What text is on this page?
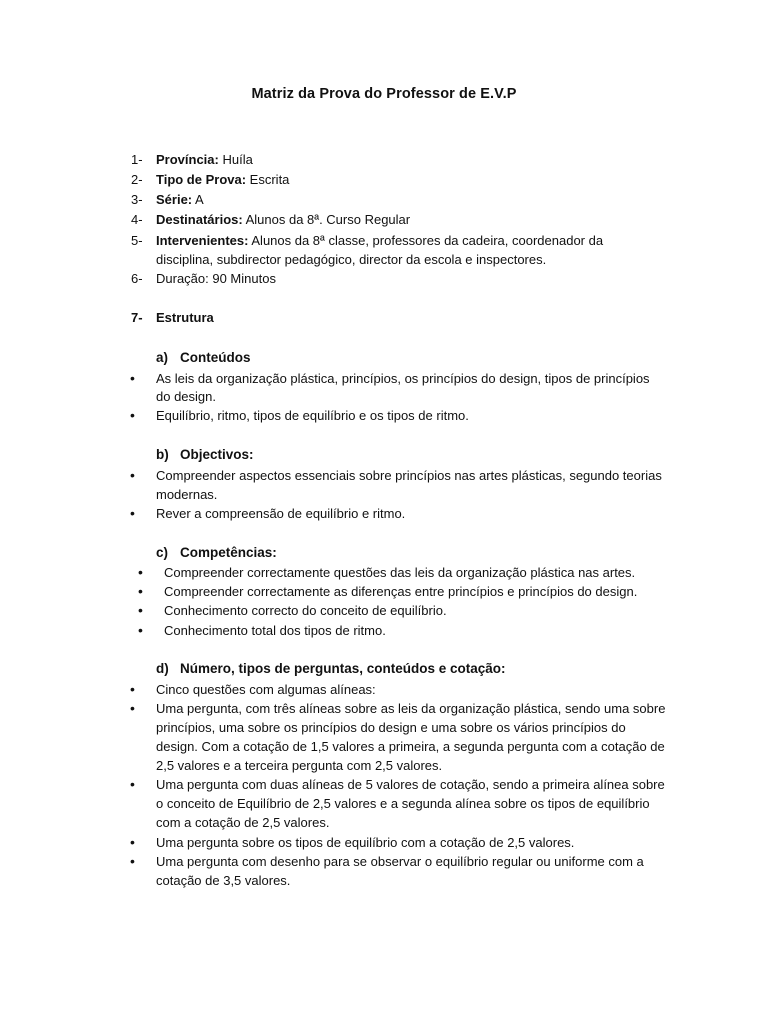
Matriz da Prova do Professor de E.V.P
1- Província: Huíla
2- Tipo de Prova: Escrita
3- Série: A
4- Destinatários: Alunos da 8ª. Curso Regular
5- Intervenientes: Alunos da 8ª classe, professores da cadeira, coordenador da
disciplina, subdirector pedagógico, director da escola e inspectores.
6- Duração: 90 Minutos
7- Estrutura
a) Conteúdos
• As leis da organização plástica, princípios, os princípios do design, tipos de princípios
do design.
• Equilíbrio, ritmo, tipos de equilíbrio e os tipos de ritmo.
b) Objectivos:
• Compreender aspectos essenciais sobre princípios nas artes plásticas, segundo teorias
modernas.
• Rever a compreensão de equilíbrio e ritmo.
c) Competências:
• Compreender correctamente questões das leis da organização plástica nas artes.
• Compreender correctamente as diferenças entre princípios e princípios do design.
• Conhecimento correcto do conceito de equilíbrio.
• Conhecimento total dos tipos de ritmo.
d) Número, tipos de perguntas, conteúdos e cotação:
• Cinco questões com algumas alíneas:
• Uma pergunta, com três alíneas sobre as leis da organização plástica, sendo uma sobre
princípios, uma sobre os princípios do design e uma sobre os vários princípios do
design. Com a cotação de 1,5 valores a primeira, a segunda pergunta com a cotação de
2,5 valores e a terceira pergunta com 2,5 valores.
• Uma pergunta com duas alíneas de 5 valores de cotação, sendo a primeira alínea sobre
o conceito de Equilíbrio de 2,5 valores e a segunda alínea sobre os tipos de equilíbrio
com a cotação de 2,5 valores.
• Uma pergunta sobre os tipos de equilíbrio com a cotação de 2,5 valores.
• Uma pergunta com desenho para se observar o equilíbrio regular ou uniforme com a
cotação de 3,5 valores.
